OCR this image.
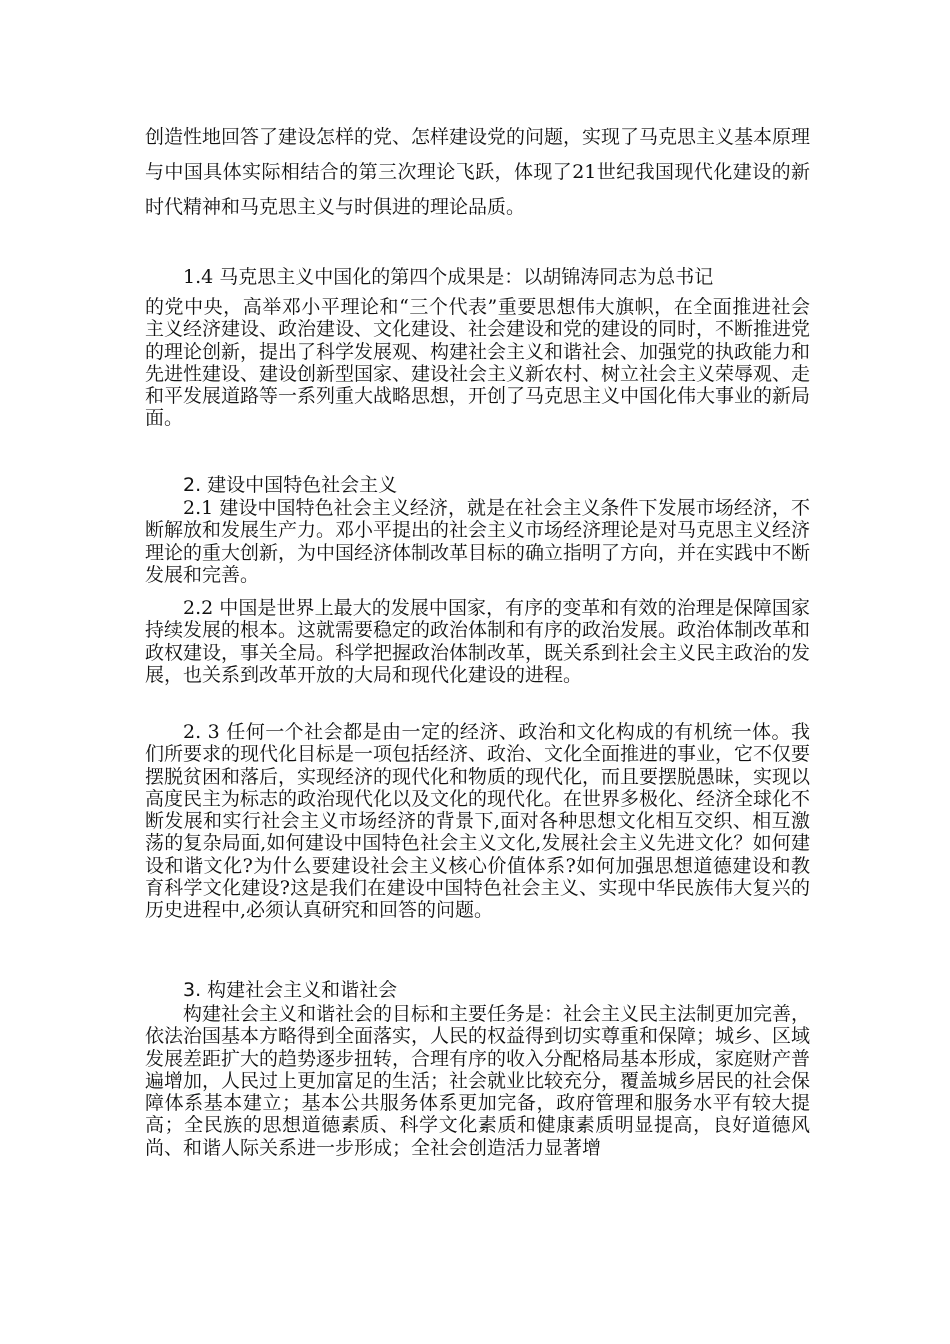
创造性地回答了建设怎样的党、怎样建设党的问题，实现了马克思主义基本原理与中国具体实际相结合的第三次理论飞跃，体现了21世纪我国现代化建设的新时代精神和马克思主义与时俱进的理论品质。

1.4 马克思主义中国化的第四个成果是：以胡锦涛同志为总书记

的党中央，高举邓小平理论和“三个代表”重要思想伟大旗帜，在全面推进社会主义经济建设、政治建设、文化建设、社会建设和党的建设的同时，不断推进党的理论创新，提出了科学发展观、构建社会主义和谐社会、加强党的执政能力和先进性建设、建设创新型国家、建设社会主义新农村、树立社会主义荣辱观、走和平发展道路等一系列重大战略思想，开创了马克思主义中国化伟大事业的新局面。

2. 建设中国特色社会主义

2.1 建设中国特色社会主义经济，就是在社会主义条件下发展市场经济，不断解放和发展生产力。邓小平提出的社会主义市场经济理论是对马克思主义经济理论的重大创新，为中国经济体制改革目标的确立指明了方向，并在实践中不断发展和完善。

2.2 中国是世界上最大的发展中国家，有序的变革和有效的治理是保障国家持续发展的根本。这就需要稳定的政治体制和有序的政治发展。政治体制改革和政权建设，事关全局。科学把握政治体制改革，既关系到社会主义民主政治的发展，也关系到改革开放的大局和现代化建设的进程。

2. 3 任何一个社会都是由一定的经济、政治和文化构成的有机统一体。我们所要求的现代化目标是一项包括经济、政治、文化全面推进的事业，它不仅要摆脱贫困和落后，实现经济的现代化和物质的现代化，而且要摆脱愚昧，实现以高度民主为标志的政治现代化以及文化的现代化。在世界多极化、经济全球化不断发展和实行社会主义市场经济的背景下,面对各种思想文化相互交织、相互激荡的复杂局面,如何建设中国特色社会主义文化,发展社会主义先进文化？如何建设和谐文化?为什么要建设社会主义核心价值体系?如何加强思想道德建设和教育科学文化建设?这是我们在建设中国特色社会主义、实现中华民族伟大复兴的历史进程中,必须认真研究和回答的问题。

3. 构建社会主义和谐社会

构建社会主义和谐社会的目标和主要任务是：社会主义民主法制更加完善，依法治国基本方略得到全面落实，人民的权益得到切实尊重和保障；城乡、区域发展差距扩大的趋势逐步扭转，合理有序的收入分配格局基本形成，家庭财产普遍增加，人民过上更加富足的生活；社会就业比较充分，覆盖城乡居民的社会保障体系基本建立；基本公共服务体系更加完备，政府管理和服务水平有较大提高；全民族的思想道德素质、科学文化素质和健康素质明显提高，良好道德风尚、和谐人际关系进一步形成；全社会创造活力显著增
